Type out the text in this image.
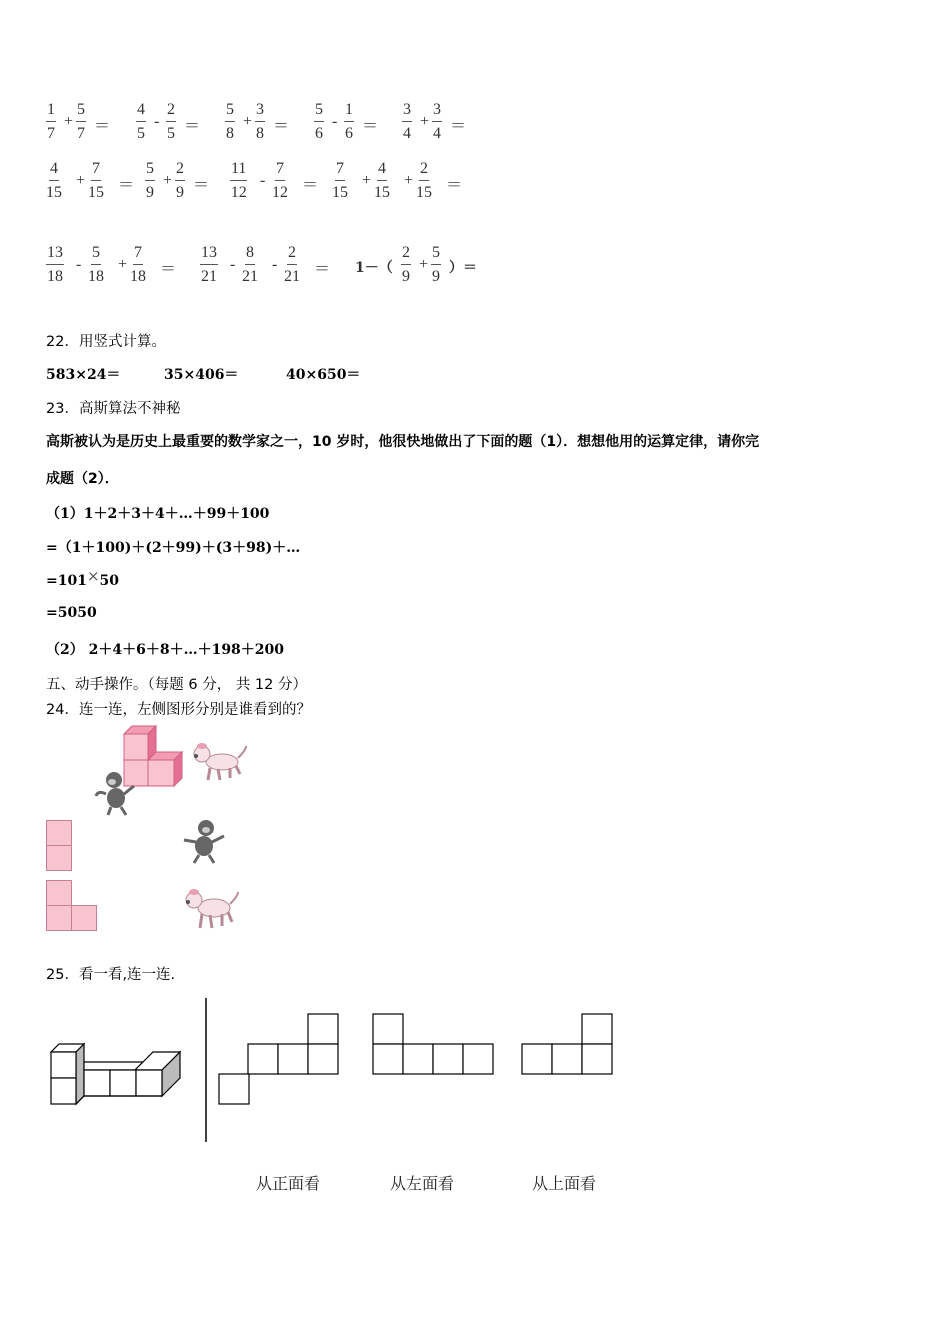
$\frac{1}{7} + \frac{5}{7} = \frac{4}{5} - \frac{2}{5} = \frac{5}{8} + \frac{3}{8} = \frac{5}{6} - \frac{1}{6} = \frac{3}{4} + \frac{3}{4}$ ＝
$\frac{4}{15} + \frac{7}{15} = \frac{5}{9} + \frac{2}{9} = \frac{11}{12} - \frac{7}{12} = \frac{7}{15} + \frac{4}{15} + \frac{2}{15}$ ＝
$\frac{13}{18} - \frac{5}{18} + \frac{7}{18} = \frac{13}{21} - \frac{8}{21} - \frac{2}{21} = 1-( \frac{2}{9} + \frac{5}{9}$ ）＝
22．用竖式计算。
583×24＝	35×406＝	40×650＝
23．高斯算法不神秘
高斯被认为是历史上最重要的数学家之一，10 岁时，他很快地做出了下面的题（1）．想想他用的运算定律，请你完
成题（2）．
（1）1＋2＋3＋4＋…＋99＋100
=（1＋100)＋(2＋99)＋(3＋98)＋…
=101×50
=5050
（2） 2＋4＋6＋8＋…＋198＋200
五、动手操作。（每题 6 分， 共 12 分）
24．连一连，左侧图形分别是谁看到的？
25．看一看,连一连.
从正面看	从左面看	从上面看
